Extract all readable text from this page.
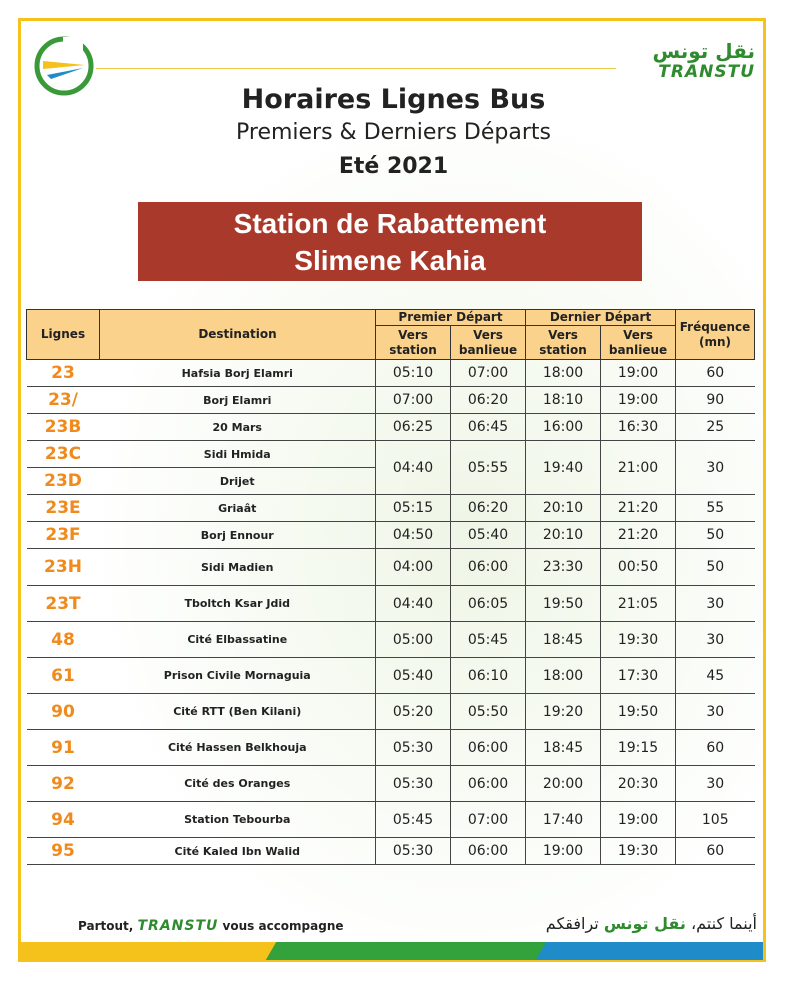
نقل تونس
TRANSTU
Horaires Lignes Bus
Premiers & Derniers Départs
Eté 2021
Station de Rabattement
Slimene Kahia
Lignes	Destination	Premier Départ		Dernier Départ		Fréquence (mn)
		Vers station	Vers banlieue	Vers station	Vers banlieue	
23	Hafsia Borj Elamri	05:10	07:00	18:00	19:00	60
23/	Borj Elamri	07:00	06:20	18:10	19:00	90
23B	20 Mars	06:25	06:45	16:00	16:30	25
23C	Sidi Hmida	04:40	05:55	19:40	21:00	30
23D	Drijet					
23E	Griaât	05:15	06:20	20:10	21:20	55
23F	Borj Ennour	04:50	05:40	20:10	21:20	50
23H	Sidi Madien	04:00	06:00	23:30	00:50	50
23T	Tboltch Ksar Jdid	04:40	06:05	19:50	21:05	30
48	Cité Elbassatine	05:00	05:45	18:45	19:30	30
61	Prison Civile Mornaguia	05:40	06:10	18:00	17:30	45
90	Cité RTT (Ben Kilani)	05:20	05:50	19:20	19:50	30
91	Cité Hassen Belkhouja	05:30	06:00	18:45	19:15	60
92	Cité des Oranges	05:30	06:00	20:00	20:30	30
94	Station Tebourba	05:45	07:00	17:40	19:00	105
95	Cité Kaled Ibn Walid	05:30	06:00	19:00	19:30	60
Partout, TRANSTU vous accompagne	أينما كنتم، نقل تونس ترافقكم
